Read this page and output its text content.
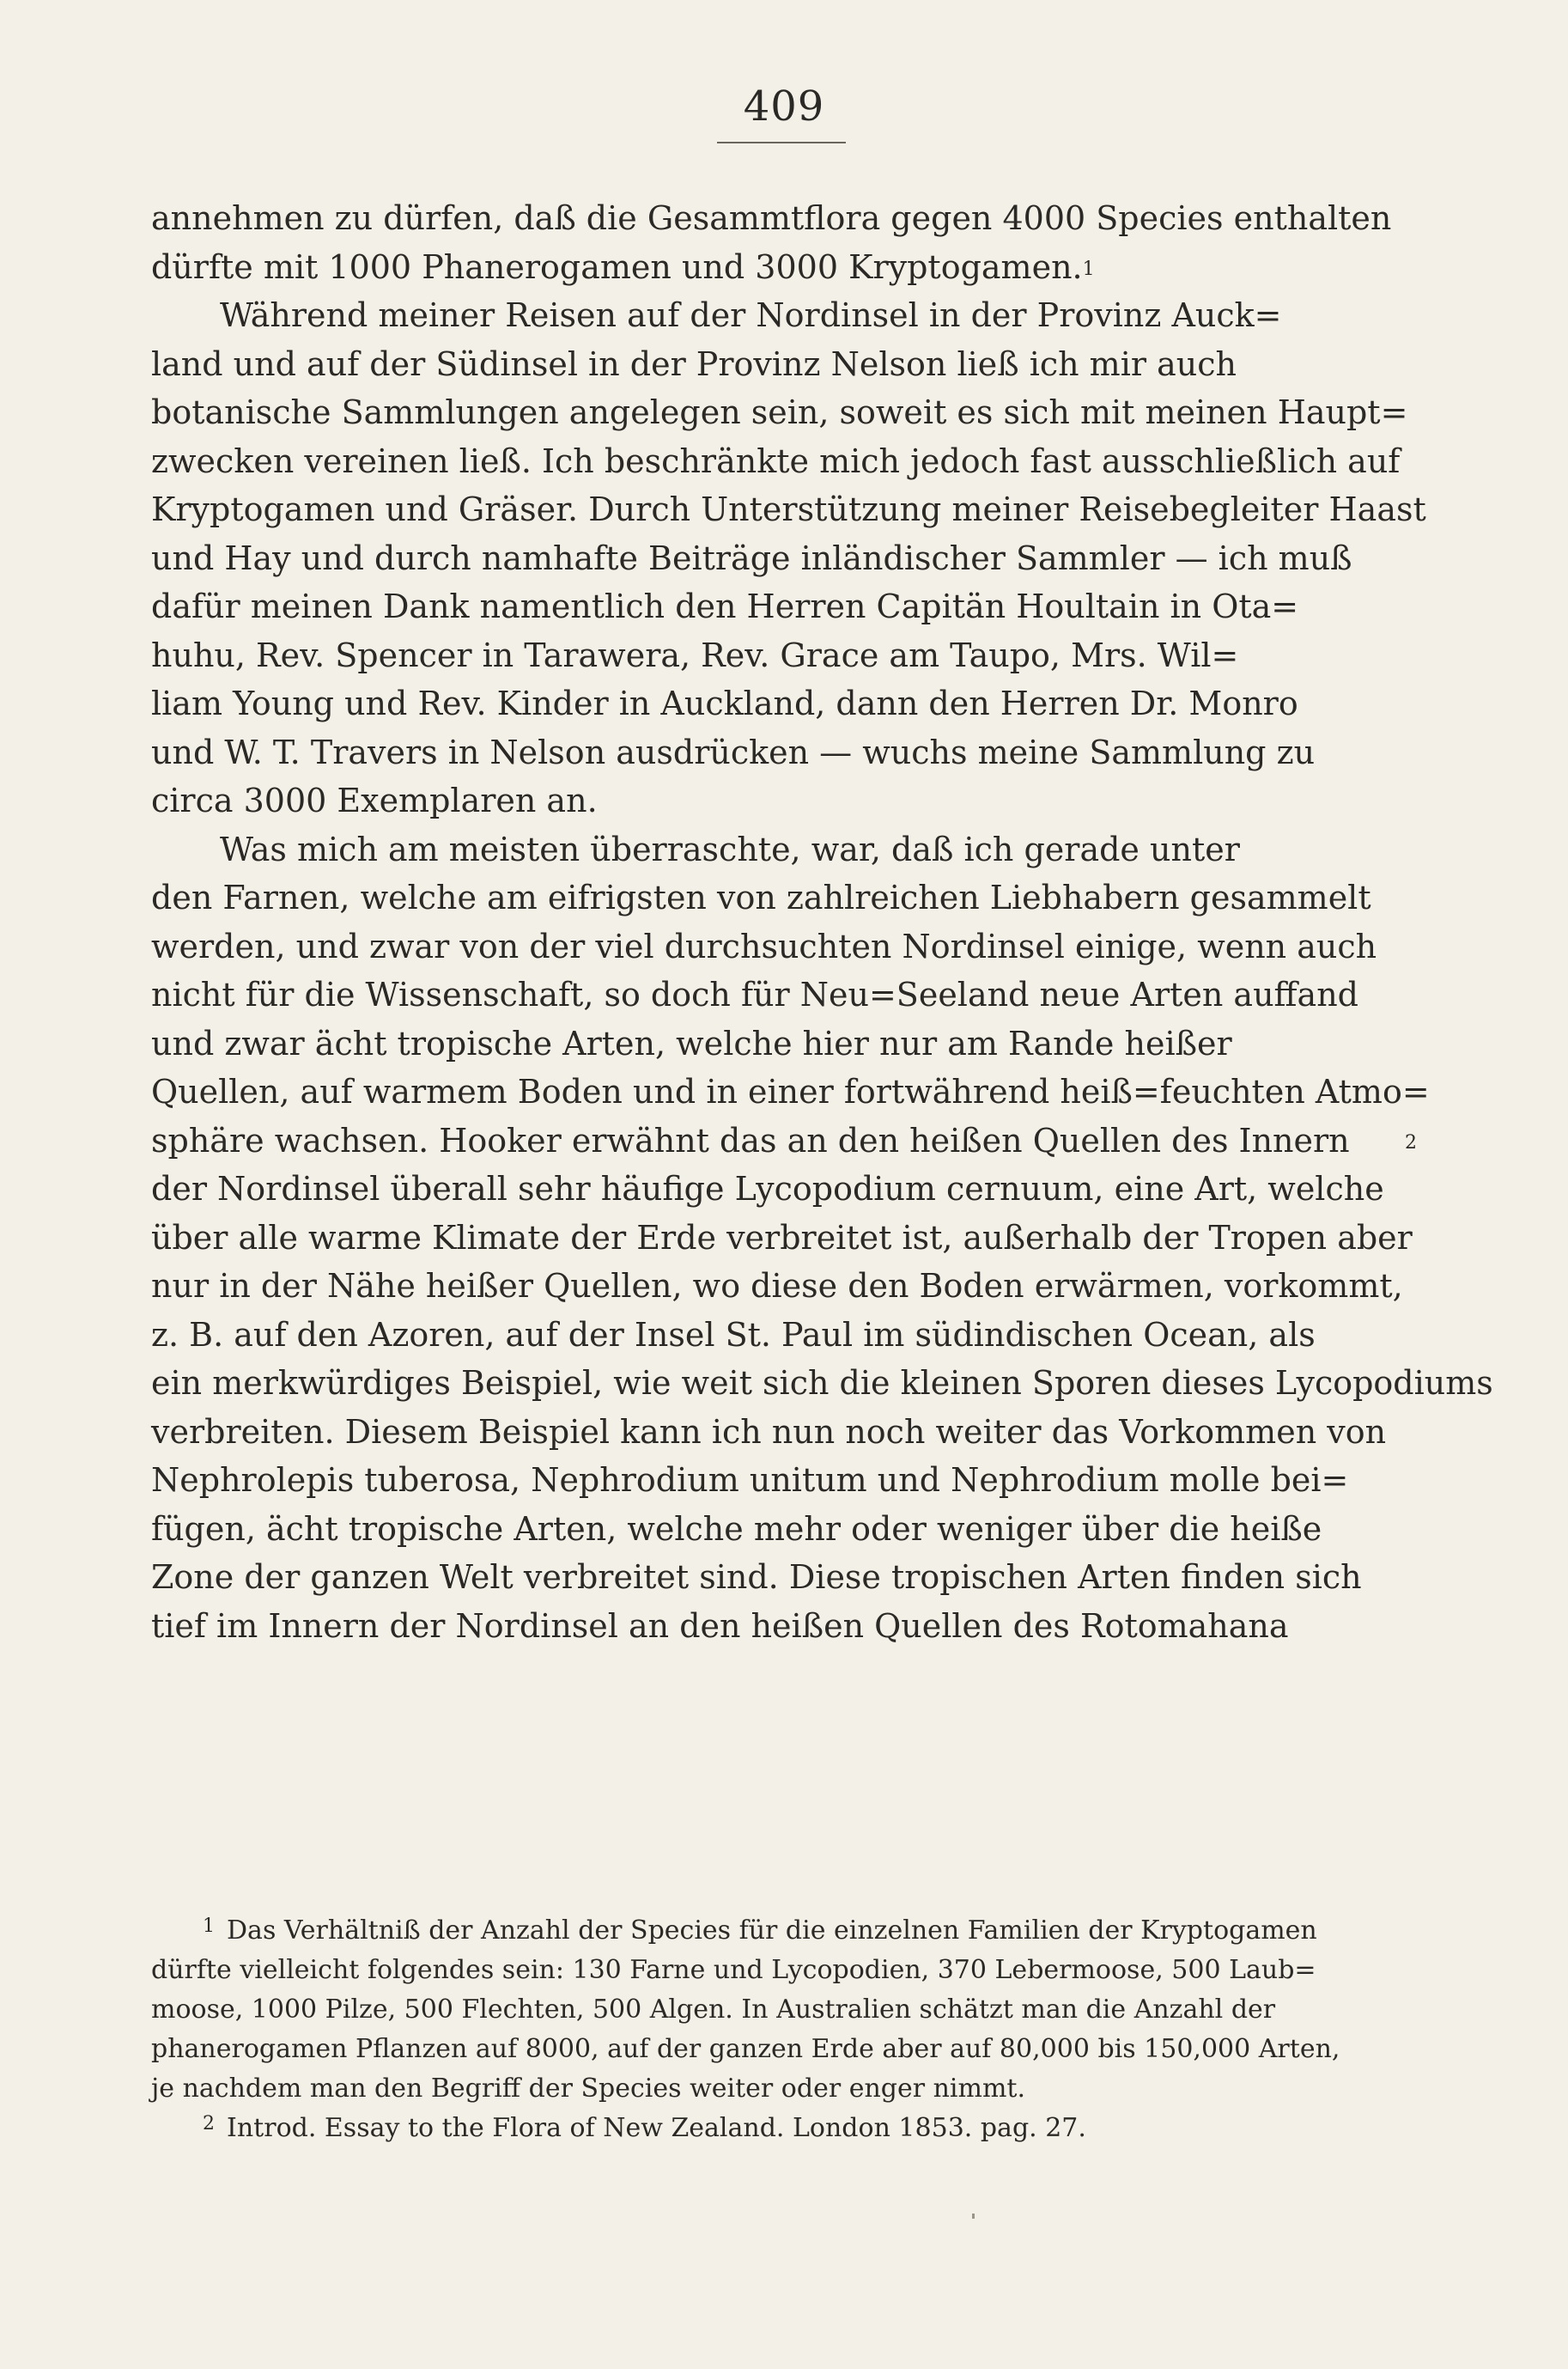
409
annehmen zu dürfen, daß die Gesammtflora gegen 4000 Species enthalten
dürfte mit 1000 Phanerogamen und 3000 Kryptogamen.$^1$
Während meiner Reisen auf der Nordinsel in der Provinz Auck=
land und auf der Südinsel in der Provinz Nelson ließ ich mir auch
botanische Sammlungen angelegen sein, soweit es sich mit meinen Haupt=
zwecken vereinen ließ. Ich beschränkte mich jedoch fast ausschließlich auf
Kryptogamen und Gräser. Durch Unterstützung meiner Reisebegleiter Haast
und Hay und durch namhafte Beiträge inländischer Sammler — ich muß
dafür meinen Dank namentlich den Herren Capitän Houltain in Ota=
huhu, Rev. Spencer in Tarawera, Rev. Grace am Taupo, Mrs. Wil=
liam Young und Rev. Kinder in Auckland, dann den Herren Dr. Monro
und W. T. Travers in Nelson ausdrücken — wuchs meine Sammlung zu
circa 3000 Exemplaren an.
Was mich am meisten überraschte, war, daß ich gerade unter
den Farnen, welche am eifrigsten von zahlreichen Liebhabern gesammelt
werden, und zwar von der viel durchsuchten Nordinsel einige, wenn auch
nicht für die Wissenschaft, so doch für Neu=Seeland neue Arten auffand
und zwar ächt tropische Arten, welche hier nur am Rande heißer
Quellen, auf warmem Boden und in einer fortwährend heiß=feuchten Atmo=
sphäre wachsen. Hooker erwähnt das an den heißen Quellen des Innern	$^2$
der Nordinsel überall sehr häufige Lycopodium cernuum, eine Art, welche
über alle warme Klimate der Erde verbreitet ist, außerhalb der Tropen aber
nur in der Nähe heißer Quellen, wo diese den Boden erwärmen, vorkommt,
z. B. auf den Azoren, auf der Insel St. Paul im südindischen Ocean, als
ein merkwürdiges Beispiel, wie weit sich die kleinen Sporen dieses Lycopodiums
verbreiten. Diesem Beispiel kann ich nun noch weiter das Vorkommen von
Nephrolepis tuberosa, Nephrodium unitum und Nephrodium molle bei=
fügen, ächt tropische Arten, welche mehr oder weniger über die heiße
Zone der ganzen Welt verbreitet sind. Diese tropischen Arten finden sich
tief im Innern der Nordinsel an den heißen Quellen des Rotomahana
$^1$ Das Verhältniß der Anzahl der Species für die einzelnen Familien der Kryptogamen
dürfte vielleicht folgendes sein: 130 Farne und Lycopodien, 370 Lebermoose, 500 Laub=
moose, 1000 Pilze, 500 Flechten, 500 Algen. In Australien schätzt man die Anzahl der
phanerogamen Pflanzen auf 8000, auf der ganzen Erde aber auf 80,000 bis 150,000 Arten,
je nachdem man den Begriff der Species weiter oder enger nimmt.
2 Introd. Essay to the Flora of New Zealand. London 1853. pag. 27.
